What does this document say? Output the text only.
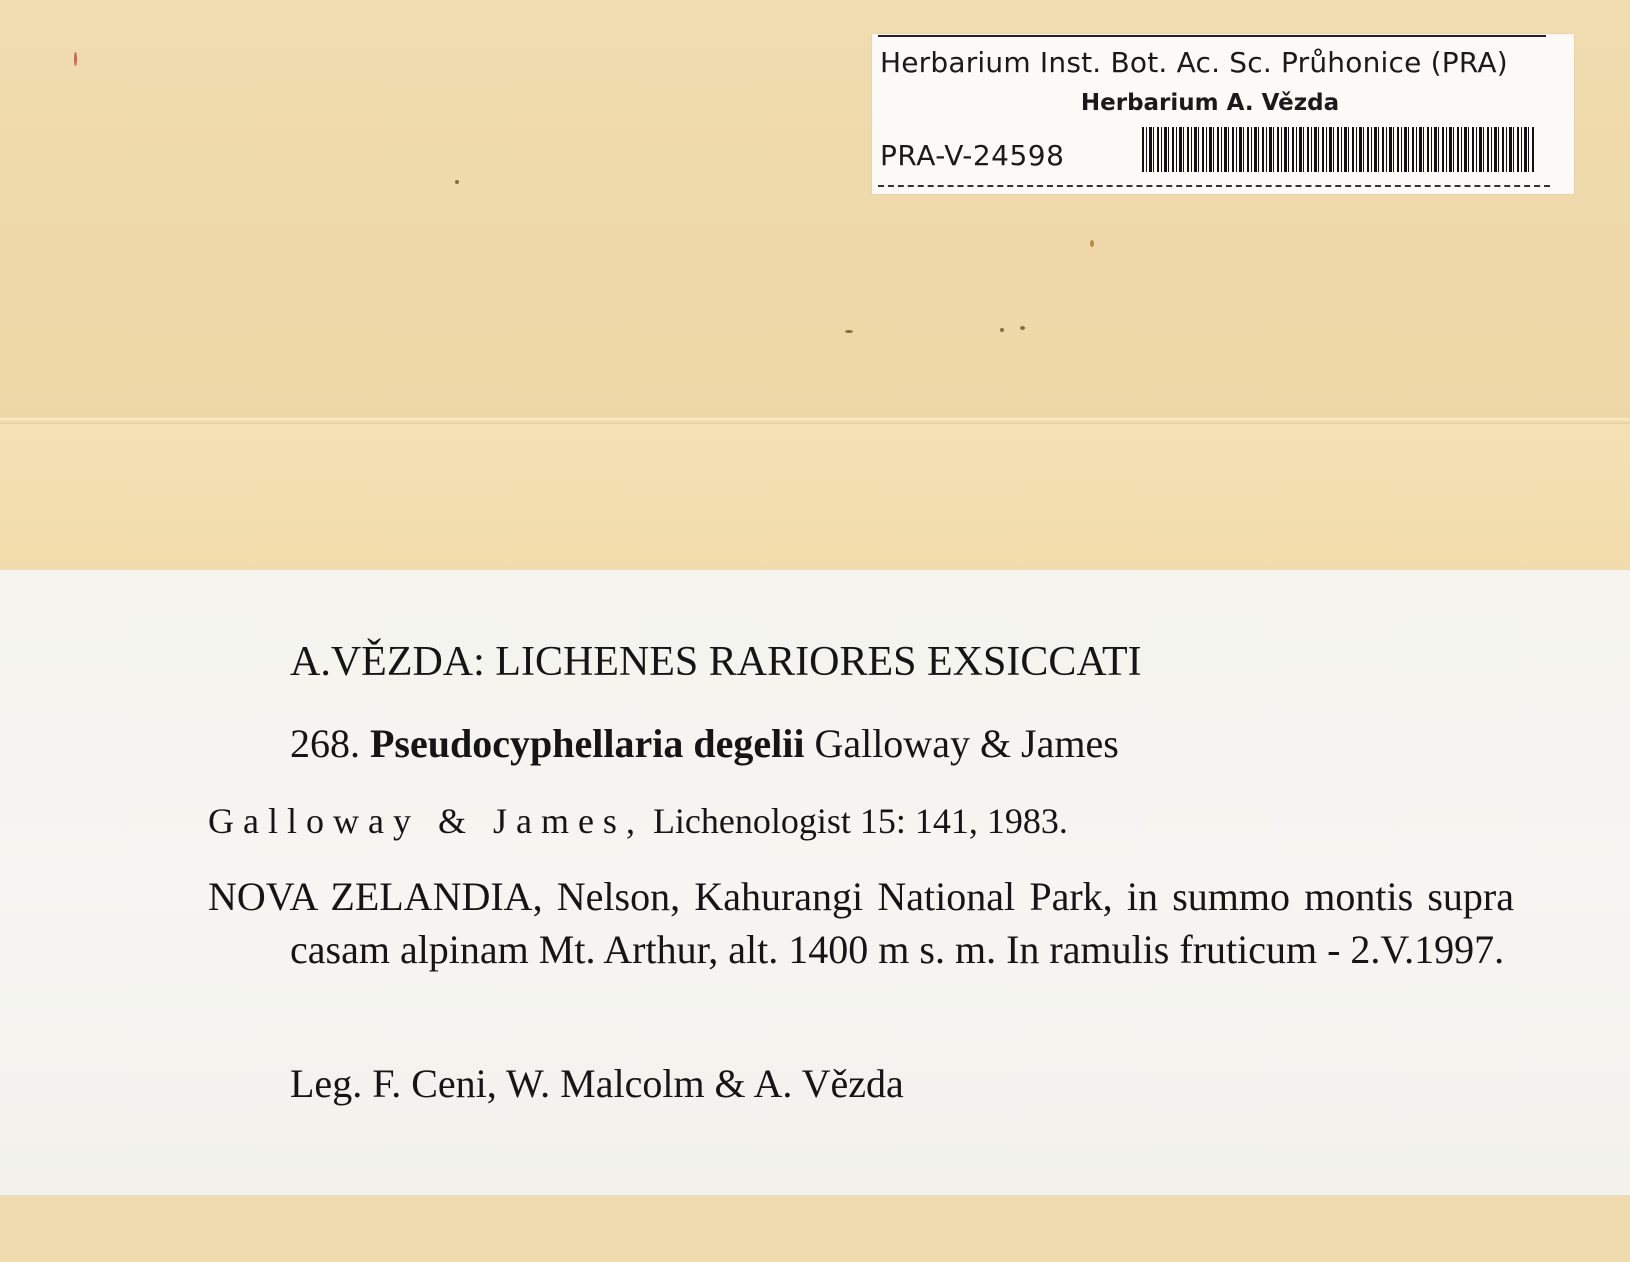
Herbarium Inst. Bot. Ac. Sc. Průhonice (PRA)
Herbarium A. Vězda
PRA-V-24598
A.VĚZDA: LICHENES RARIORES EXSICCATI
268. Pseudocyphellaria degelii Galloway & James
Galloway & James, Lichenologist 15: 141, 1983.
NOVA ZELANDIA, Nelson, Kahurangi National Park, in summo montis supra casam alpinam Mt. Arthur, alt. 1400 m s. m. In ramulis fruticum - 2.V.1997.
Leg. F. Ceni, W. Malcolm & A. Vězda
